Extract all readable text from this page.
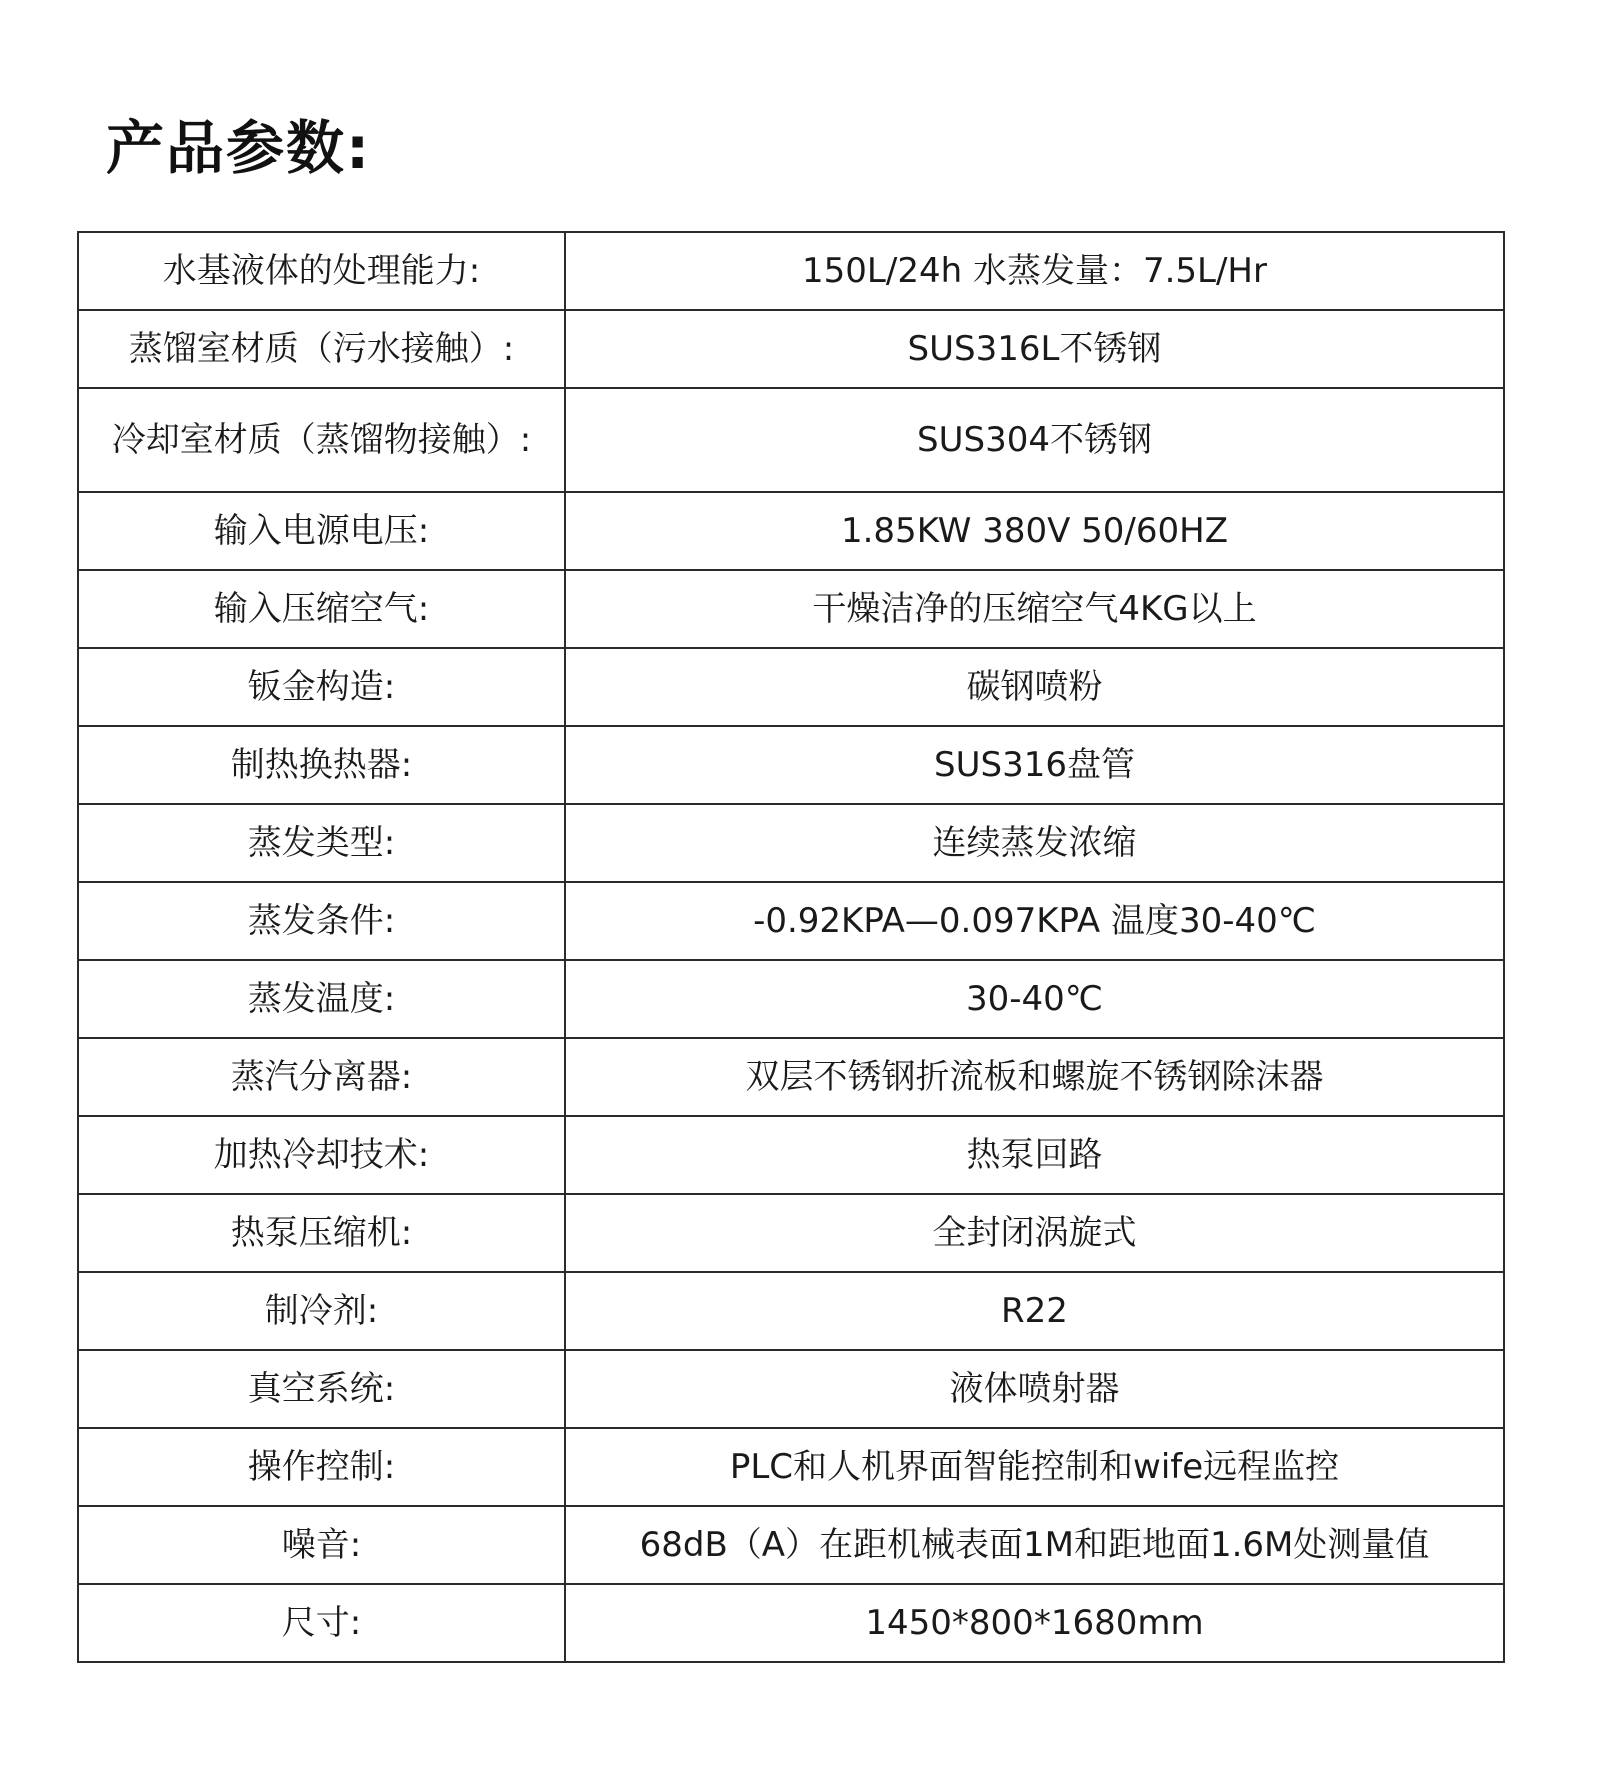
产品参数:
水基液体的处理能力:	150L/24h 水蒸发量：7.5L/Hr
蒸馏室材质（污水接触）:	SUS316L不锈钢
冷却室材质（蒸馏物接触）:	SUS304不锈钢
输入电源电压:	1.85KW 380V 50/60HZ
输入压缩空气:	干燥洁净的压缩空气4KG以上
钣金构造:	碳钢喷粉
制热换热器:	SUS316盘管
蒸发类型:	连续蒸发浓缩
蒸发条件:	-0.92KPA—0.097KPA 温度30-40℃
蒸发温度:	30-40℃
蒸汽分离器:	双层不锈钢折流板和螺旋不锈钢除沫器
加热冷却技术:	热泵回路
热泵压缩机:	全封闭涡旋式
制冷剂:	R22
真空系统:	液体喷射器
操作控制:	PLC和人机界面智能控制和wife远程监控
噪音:	68dB（A）在距机械表面1M和距地面1.6M处测量值
尺寸:	1450*800*1680mm
